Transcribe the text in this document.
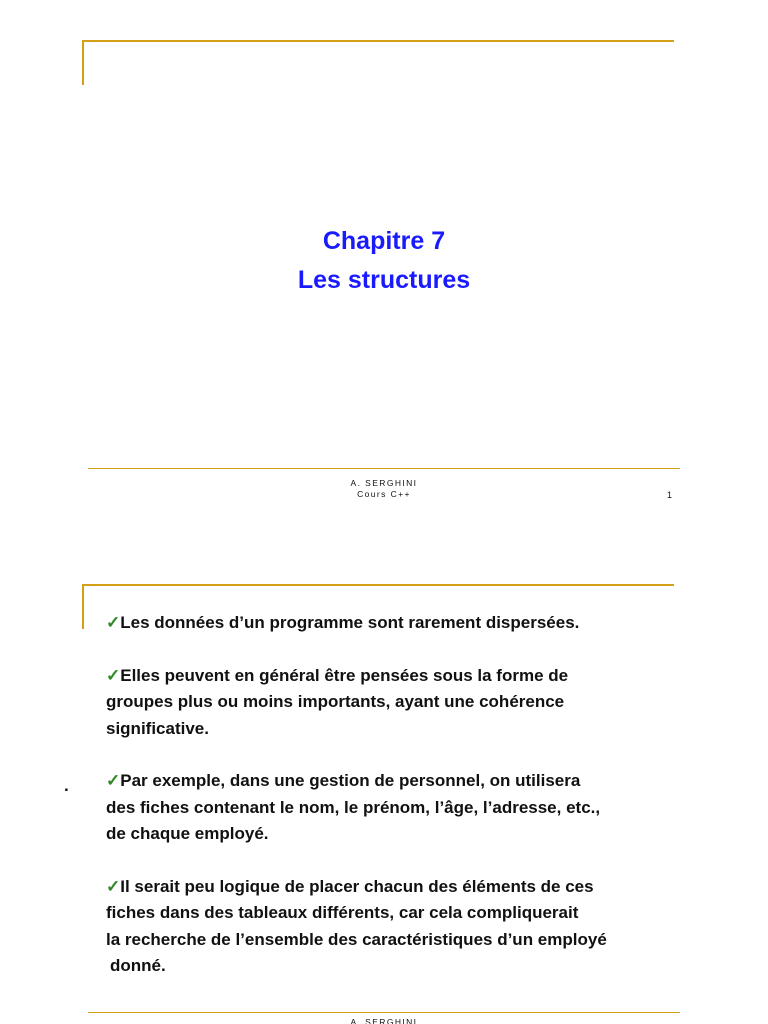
Chapitre 7
Les structures
A. SERGHINI
Cours C++	1
.
✓Les données d’un programme sont rarement dispersées.
✓Elles peuvent en général être pensées sous la forme de
groupes plus ou moins importants, ayant une cohérence
significative.
✓Par exemple, dans une gestion de personnel, on utilisera
des fiches contenant le nom, le prénom, l’âge, l’adresse, etc.,
de chaque employé.
✓Il serait peu logique de placer chacun des éléments de ces
fiches dans des tableaux différents, car cela compliquerait
la recherche de l’ensemble des caractéristiques d’un employé
donné.
A. SERGHINI
